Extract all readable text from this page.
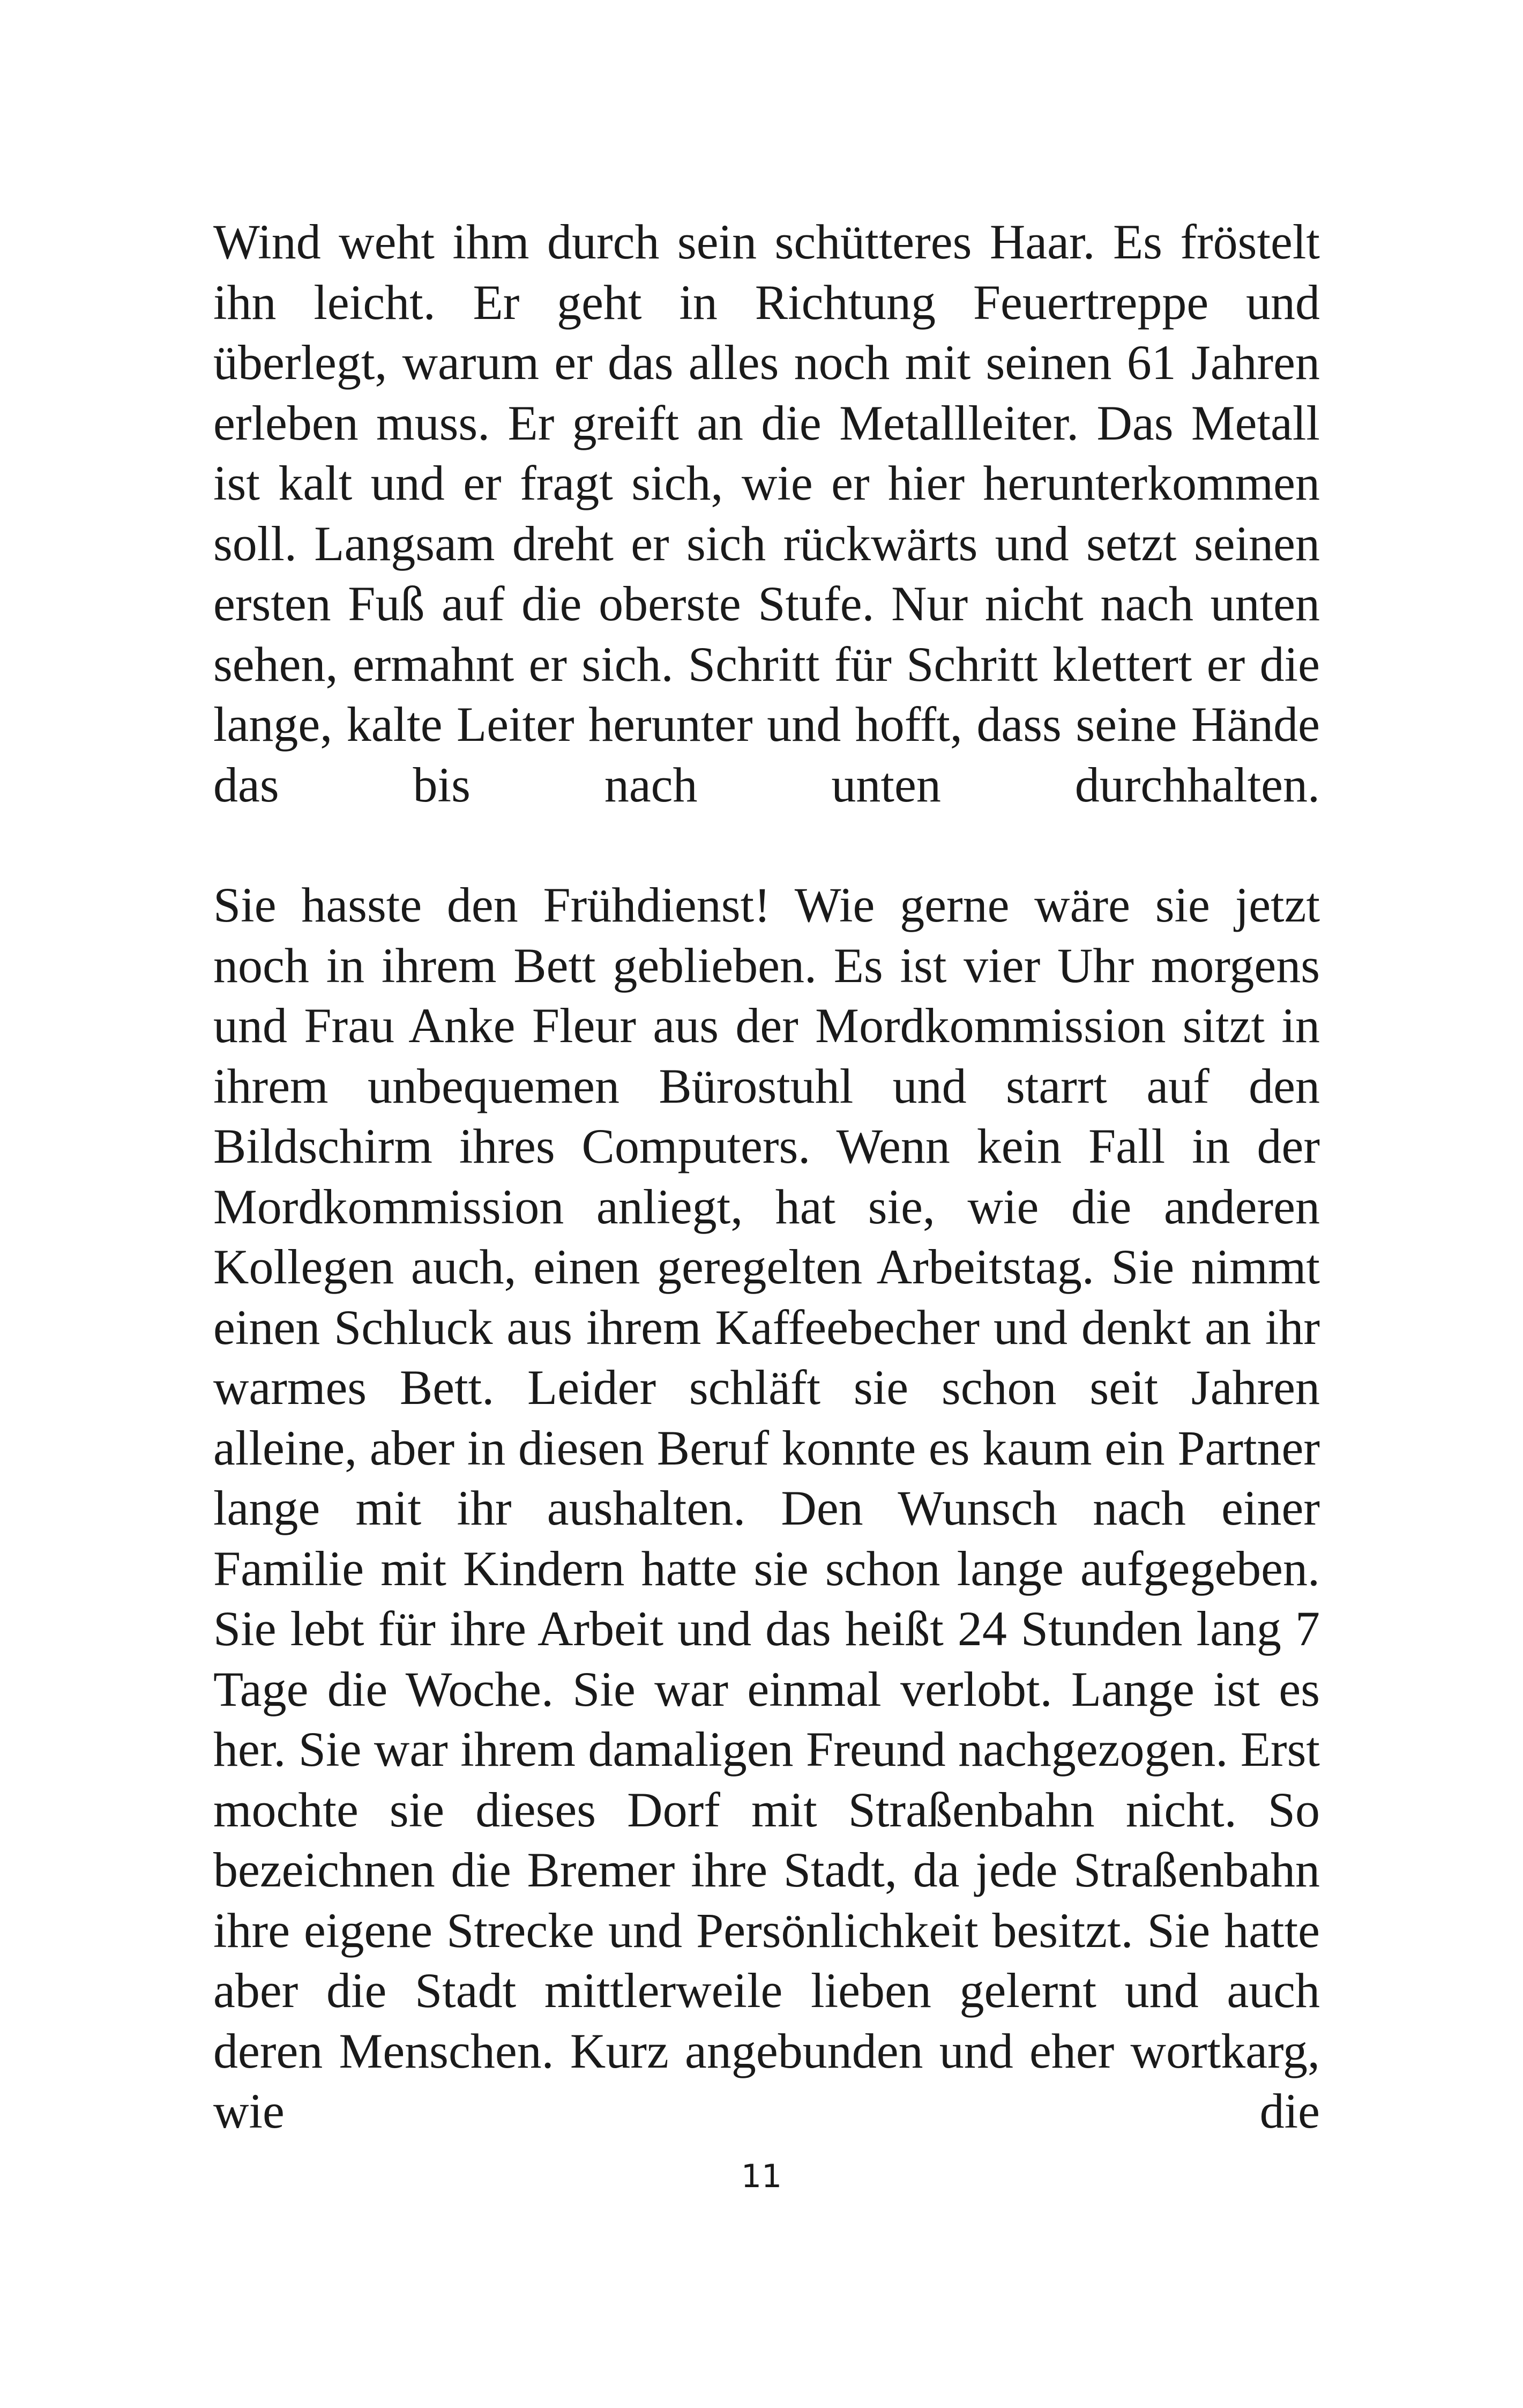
Wind weht ihm durch sein schütteres Haar. Es fröstelt ihn leicht. Er geht in Richtung Feuertreppe und überlegt, warum er das alles noch mit seinen 61 Jahren erleben muss. Er greift an die Metallleiter. Das Metall ist kalt und er fragt sich, wie er hier herunterkommen soll. Langsam dreht er sich rückwärts und setzt seinen ersten Fuß auf die oberste Stufe. Nur nicht nach unten sehen, ermahnt er sich. Schritt für Schritt klettert er die lange, kalte Leiter herunter und hofft, dass seine Hände das bis nach unten durchhalten.

Sie hasste den Frühdienst! Wie gerne wäre sie jetzt noch in ihrem Bett geblieben. Es ist vier Uhr morgens und Frau Anke Fleur aus der Mordkommission sitzt in ihrem unbequemen Bürostuhl und starrt auf den Bildschirm ihres Computers. Wenn kein Fall in der Mordkommission anliegt, hat sie, wie die anderen Kollegen auch, einen geregelten Arbeitstag. Sie nimmt einen Schluck aus ihrem Kaffeebecher und denkt an ihr warmes Bett. Leider schläft sie schon seit Jahren alleine, aber in diesen Beruf konnte es kaum ein Partner lange mit ihr aushalten. Den Wunsch nach einer Familie mit Kindern hatte sie schon lange aufgegeben. Sie lebt für ihre Arbeit und das heißt 24 Stunden lang 7 Tage die Woche. Sie war einmal verlobt. Lange ist es her. Sie war ihrem damaligen Freund nachgezogen. Erst mochte sie dieses Dorf mit Straßenbahn nicht. So bezeichnen die Bremer ihre Stadt, da jede Straßenbahn ihre eigene Strecke und Persönlichkeit besitzt. Sie hatte aber die Stadt mittlerweile lieben gelernt und auch deren Menschen. Kurz angebunden und eher wortkarg, wie die

11
